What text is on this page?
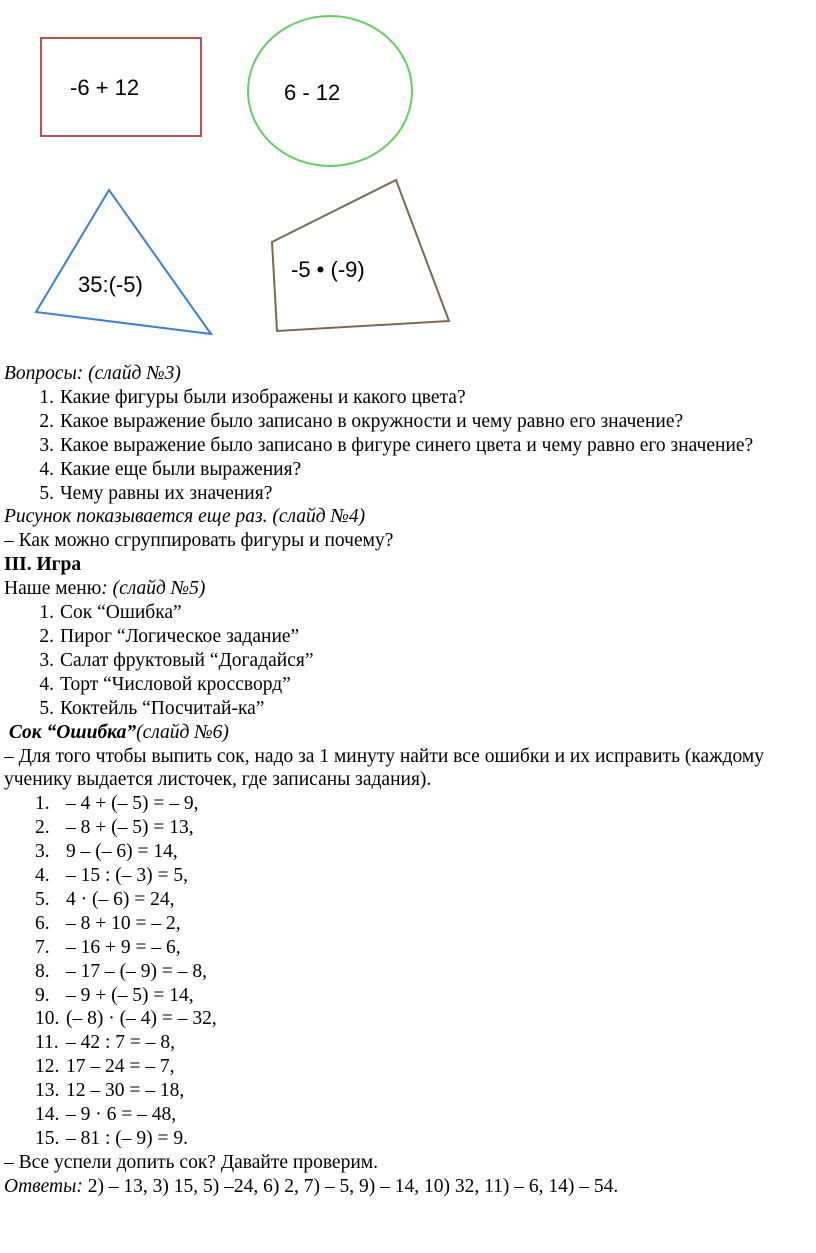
-6 + 12	6 - 12
35:(-5)
-5 • (-9)
Вопросы: (слайд №3)
1. Какие фигуры были изображены и какого цвета?
2. Какое выражение было записано в окружности и чему равно его значение?
3. Какое выражение было записано в фигуре синего цвета и чему равно его значение?
4. Какие еще были выражения?
5. Чему равны их значения?
Рисунок показывается еще раз. (слайд №4)
– Как можно сгруппировать фигуры и почему?
III. Игра
Наше меню: (слайд №5)
1. Сок “Ошибка”
2. Пирог “Логическое задание”
3. Салат фруктовый “Догадайся”
4. Торт “Числовой кроссворд”
5. Коктейль “Посчитай-ка”
Сок “Ошибка”(слайд №6)
– Для того чтобы выпить сок, надо за 1 минуту найти все ошибки и их исправить (каждому ученику выдается листочек, где записаны задания).
1. – 4 + (– 5) = – 9,
2. – 8 + (– 5) = 13,
3. 9 – (– 6) = 14,
4. – 15 : (– 3) = 5,
5. 4 · (– 6) = 24,
6. – 8 + 10 = – 2,
7. – 16 + 9 = – 6,
8. – 17 – (– 9) = – 8,
9. – 9 + (– 5) = 14,
10. (– 8) · (– 4) = – 32,
11. – 42 : 7 = – 8,
12. 17 – 24 = – 7,
13. 12 – 30 = – 18,
14. – 9 · 6 = – 48,
15. – 81 : (– 9) = 9.
– Все успели допить сок? Давайте проверим.
Ответы: 2) – 13, 3) 15, 5) –24, 6) 2, 7) – 5, 9) – 14, 10) 32, 11) – 6, 14) – 54.
